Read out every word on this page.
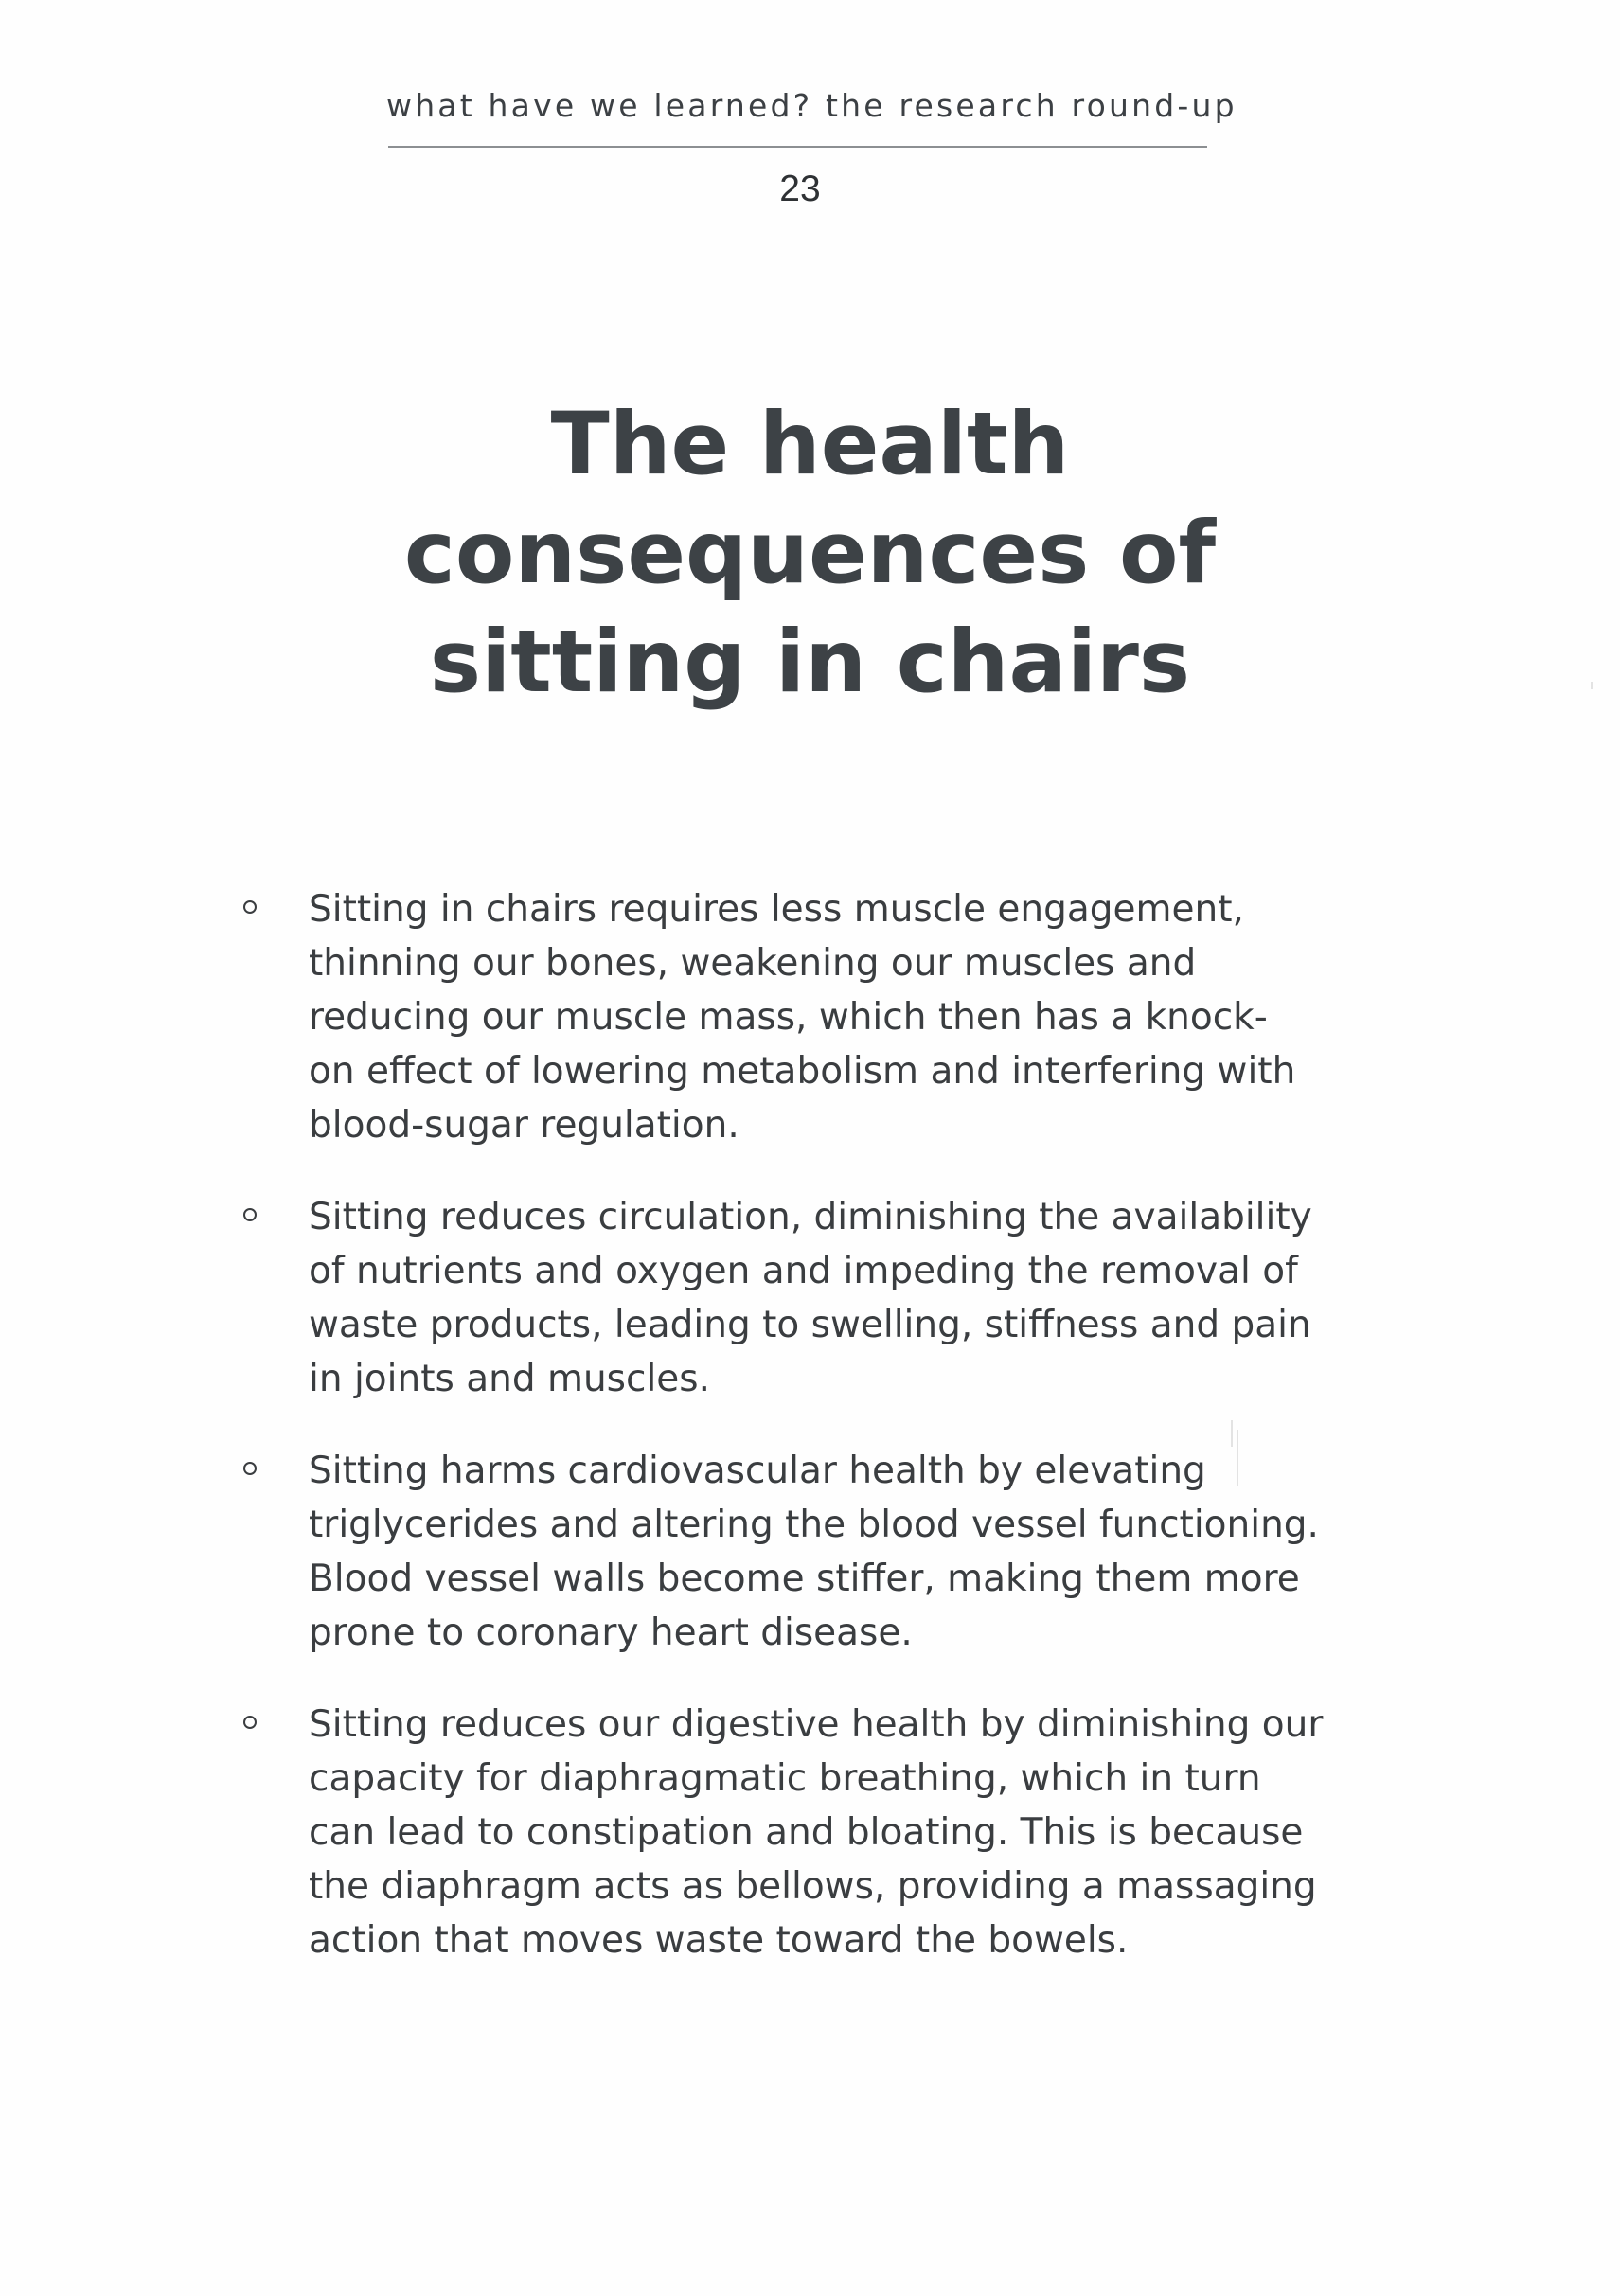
what have we learned? the research round-up
23
The health
consequences of
sitting in chairs
Sitting in chairs requires less muscle engagement,
thinning our bones, weakening our muscles and
reducing our muscle mass, which then has a knock-
on effect of lowering metabolism and interfering with
blood-sugar regulation.
Sitting reduces circulation, diminishing the availability
of nutrients and oxygen and impeding the removal of
waste products, leading to swelling, stiffness and pain
in joints and muscles.
Sitting harms cardiovascular health by elevating
triglycerides and altering the blood vessel functioning.
Blood vessel walls become stiffer, making them more
prone to coronary heart disease.
Sitting reduces our digestive health by diminishing our
capacity for diaphragmatic breathing, which in turn
can lead to constipation and bloating. This is because
the diaphragm acts as bellows, providing a massaging
action that moves waste toward the bowels.
